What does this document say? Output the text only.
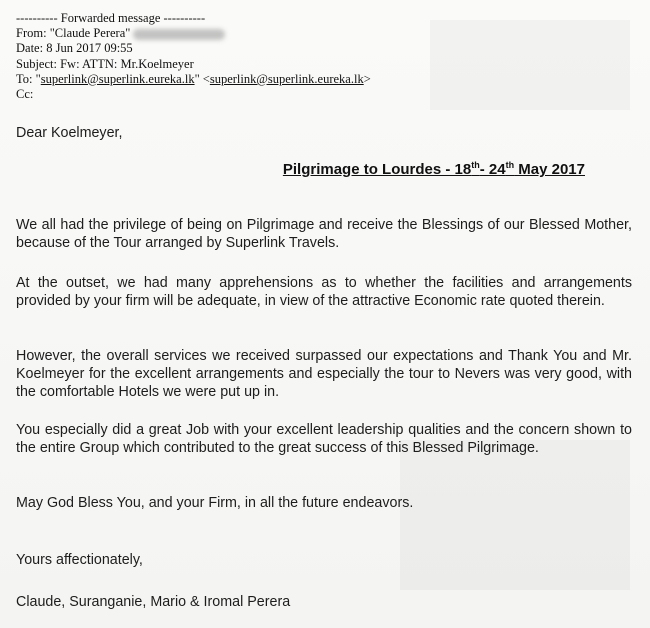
---------- Forwarded message ----------
From: "Claude Perera"
Date: 8 Jun 2017 09:55
Subject: Fw: ATTN: Mr.Koelmeyer
To: "superlink@superlink.eureka.lk" <superlink@superlink.eureka.lk>
Cc:
Dear Koelmeyer,
Pilgrimage to Lourdes - 18th- 24th May 2017
We all had the privilege of being on Pilgrimage and receive the Blessings of our Blessed Mother, because of the Tour arranged by Superlink Travels.
At the outset, we had many apprehensions as to whether the facilities and arrangements provided by your firm will be adequate, in view of the attractive Economic rate quoted therein.
However, the overall services we received surpassed our expectations and Thank You and Mr. Koelmeyer for the excellent arrangements and especially the tour to Nevers was very good, with the comfortable Hotels we were put up in.
You especially did a great Job with your excellent leadership qualities and the concern shown to the entire Group which contributed to the great success of this Blessed Pilgrimage.
May God Bless You, and your Firm, in all the future endeavors.
Yours affectionately,
Claude, Suranganie, Mario & Iromal Perera
